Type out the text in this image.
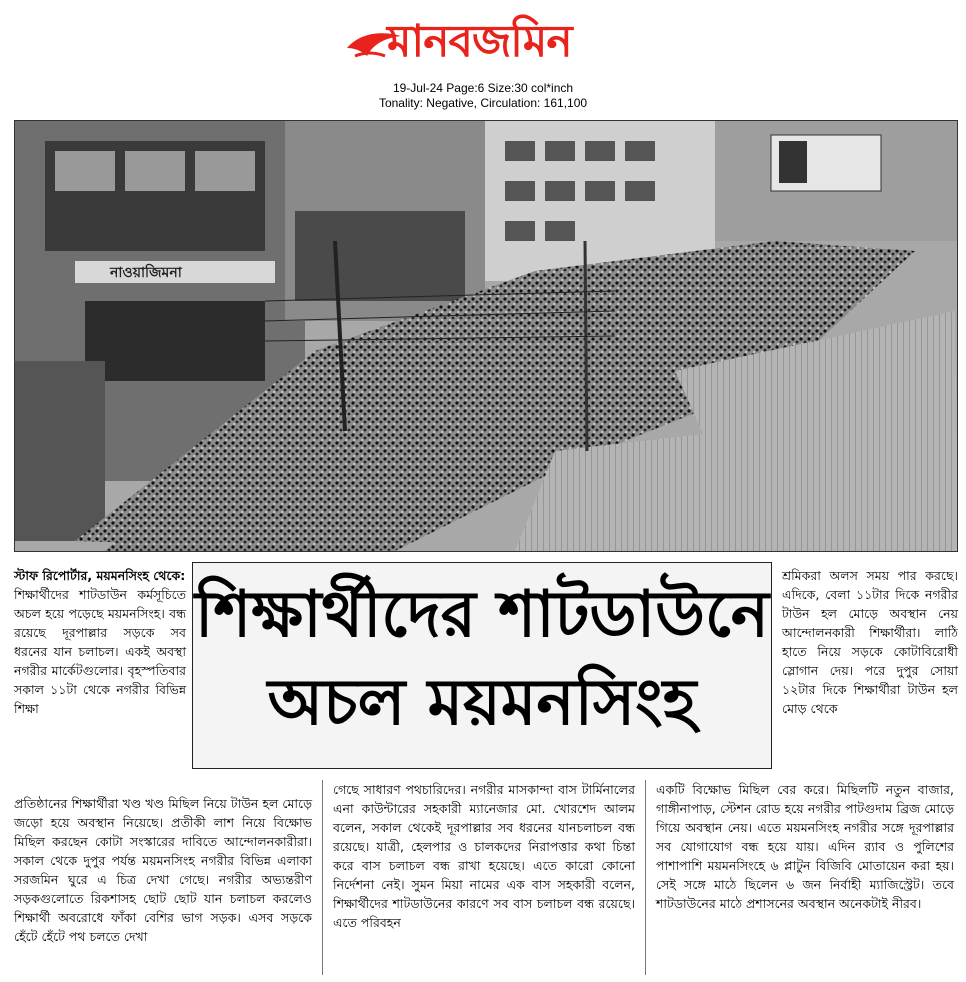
মানবজমিন
19-Jul-24 Page:6 Size:30 col*inch
Tonality: Negative, Circulation: 161,100
নাওয়াজিমনা
স্টাফ রিপোর্টার, ময়মনসিংহ থেকে:
শিক্ষার্থীদের শাটডাউন কর্মসূচিতে অচল হয়ে পড়েছে ময়মনসিংহ। বন্ধ রয়েছে দূরপাল্লার সড়কে সব ধরনের যান চলাচল। একই অবস্থা নগরীর মার্কেটগুলোর। বৃহস্পতিবার সকাল ১১টা থেকে নগরীর বিভিন্ন শিক্ষা
শিক্ষার্থীদের শাটডাউনে
অচল ময়মনসিংহ
শ্রমিকরা অলস সময় পার করছে। এদিকে, বেলা ১১টার দিকে নগরীর টাউন হল মোড়ে অবস্থান নেয় আন্দোলনকারী শিক্ষার্থীরা। লাঠি হাতে নিয়ে সড়কে কোটাবিরোধী স্লোগান দেয়। পরে দুপুর সোয়া ১২টার দিকে শিক্ষার্থীরা টাউন হল মোড় থেকে
প্রতিষ্ঠানের শিক্ষার্থীরা খণ্ড খণ্ড মিছিল নিয়ে টাউন হল মোড়ে জড়ো হয়ে অবস্থান নিয়েছে। প্রতীকী লাশ নিয়ে বিক্ষোভ মিছিল করছেন কোটা সংস্কারের দাবিতে আন্দোলনকারীরা। সকাল থেকে দুপুর পর্যন্ত ময়মনসিংহ নগরীর বিভিন্ন এলাকা সরজমিন ঘুরে এ চিত্র দেখা গেছে। নগরীর অভ্যন্তরীণ সড়কগুলোতে রিকশাসহ ছোট ছোট যান চলাচল করলেও শিক্ষার্থী অবরোধে ফাঁকা বেশির ভাগ সড়ক। এসব সড়কে হেঁটে হেঁটে পথ চলতে দেখা
গেছে সাধারণ পথচারিদের। নগরীর মাসকান্দা বাস টার্মিনালের এনা কাউন্টারের সহকারী ম্যানেজার মো. খোরশেদ আলম বলেন, সকাল থেকেই দূরপাল্লার সব ধরনের যানচলাচল বন্ধ রয়েছে। যাত্রী, হেলপার ও চালকদের নিরাপত্তার কথা চিন্তা করে বাস চলাচল বন্ধ রাখা হয়েছে। এতে কারো কোনো নির্দেশনা নেই। সুমন মিয়া নামের এক বাস সহকারী বলেন, শিক্ষার্থীদের শাটডাউনের কারণে সব বাস চলাচল বন্ধ রয়েছে। এতে পরিবহন
একটি বিক্ষোভ মিছিল বের করে। মিছিলটি নতুন বাজার, গাঙ্গীনাপাড়, স্টেশন রোড হয়ে নগরীর পাটগুদাম ব্রিজ মোড়ে গিয়ে অবস্থান নেয়। এতে ময়মনসিংহ নগরীর সঙ্গে দূরপাল্লার সব যোগাযোগ বন্ধ হয়ে যায়। এদিন র‌্যাব ও পুলিশের পাশাপাশি ময়মনসিংহে ৬ প্লাটুন বিজিবি মোতায়েন করা হয়। সেই সঙ্গে মাঠে ছিলেন ৬ জন নির্বাহী ম্যাজিস্ট্রেট। তবে শাটডাউনের মাঠে প্রশাসনের অবস্থান অনেকটাই নীরব।
